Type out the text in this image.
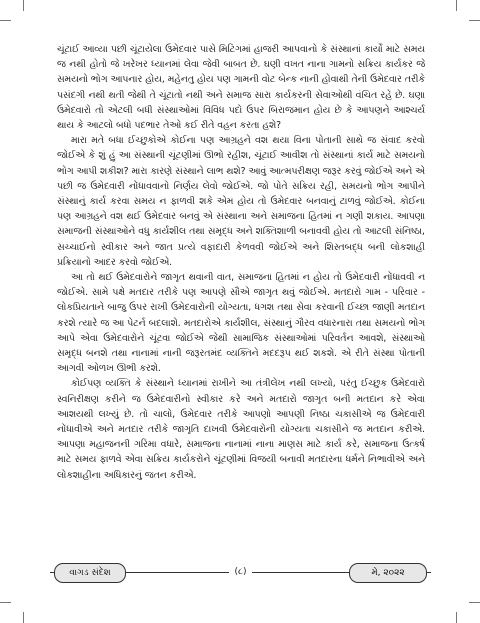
ચૂંટાઈ આવ્યા પછી ચૂંટાયેલા ઉમેદવાર પાસે મિટિંગમાં હાજરી આપવાનો કે સંસ્થાનાં કાર્યો માટે સમય જ નથી હોતો જે ખરેખર ધ્યાનમાં લેવા જેવી બાબત છે. ઘણી વખત નાના ગામનો સક્રિય કાર્યકર જે સમયનો ભોગ આપનાર હોય, મહેનતુ હોય પણ ગામની વોટ બેન્ક નાની હોવાથી તેની ઉમેદવાર તરીકે પસંદગી નથી થતી જેથી તે ચૂંટાતો નથી અને સમાજ સારા કાર્યકરની સેવાઓથી વંચિત રહે છે. ઘણા ઉમેદવારો તો એટલી બધી સંસ્થાઓમાં વિવિધ પદો ઉપર બિરાજમાન હોય છે કે આપણને આશ્ચર્ય થાય કે આટલો બધો પદભાર તેઓ કઈ રીતે વહન કરતા હશે?

મારા મતે બધા ઈચ્છુકોએ કોઈના પણ આગ્રહને વશ થયા વિના પોતાની સાથે જ સંવાદ કરવો જોઈએ કે શું હું આ સંસ્થાની ચૂંટણીમાં ઊભો રહીશ, ચૂંટાઈ આવીશ તો સંસ્થાનાં કાર્ય માટે સમયનો ભોગ આપી શકીશ? મારા કારણે સંસ્થાને લાભ થશે? આવું આત્મપરીક્ષણ જરૂર કરવું જોઈએ અને એ પછી જ ઉમેદવારી નોંધાવવાનો નિર્ણય લેવો જોઈએ. જો પોતે સક્રિય રહી, સમયનો ભોગ આપીને સંસ્થાનું કાર્ય કરવા સમય ન ફાળવી શકે એમ હોય તો ઉમેદવાર બનવાનું ટાળવું જોઈએ. કોઈના પણ આગ્રહને વશ થઈ ઉમેદવાર બનવું એ સંસ્થાના અને સમાજના હિતમાં ન ગણી શકાય. આપણા સમાજની સંસ્થાઓને વધુ કાર્યશીલ તથા સમૃદ્ધ અને શક્તિશાળી બનાવવી હોય તો આટલી સંનિષ્ઠા, સચ્ચાઈનો સ્વીકાર અને જાત પ્રત્યે વફાદારી કેળવવી જોઈએ અને શિસ્તબદ્ધ બની લોકશાહી પ્રક્રિયાનો આદર કરવો જોઈએ.

આ તો થઈ ઉમેદવારોને જાગૃત થવાની વાત, સમાજના હિતમાં ન હોય તો ઉમેદવારી નોંધાવવી ન જોઈએ. સામે પક્ષે મતદાર તરીકે પણ આપણે સૌએ જાગૃત થવું જોઈએ. મતદારો ગામ - પરિવાર - લોકપ્રિયતાને બાજુ ઉપર રાખી ઉમેદવારોની યોગ્યતા, ધગશ તથા સેવા કરવાની ઈચ્છા જાણી મતદાન કરશે ત્યારે જ આ પેટર્ન બદલાશે. મતદારોએ કાર્યશીલ, સંસ્થાનું ગૌરવ વધારનારા તથા સમયનો ભોગ આપે એવા ઉમેદવારોને ચૂંટવા જોઈએ જેથી સામાજિક સંસ્થાઓમાં પરિવર્તન આવશે, સંસ્થાઓ સમૃદ્ધ બનશે તથા નાનામાં નાની જરૂરતમંદ વ્યક્તિને મદદરૂપ થઈ શકશે. એ રીતે સંસ્થા પોતાની આગવી ઓળખ ઊભી કરશે.

કોઈપણ વ્યક્તિ કે સંસ્થાને ધ્યાનમાં રાખીને આ તંત્રીલેખ નથી લખ્યો, પરંતુ ઈચ્છુક ઉમેદવારો સ્વનિરીક્ષણ કરીને જ ઉમેદવારીનો સ્વીકાર કરે અને મતદારો જાગૃત બની મતદાન કરે એવા આશયથી લખ્યું છે. તો ચાલો, ઉમેદવાર તરીકે આપણો આપણી નિષ્ઠા ચકાસીએ જ ઉમેદવારી નોંધાવીએ અને મતદાર તરીકે જાગૃતિ દાખવી ઉમેદવારોની યોગ્યતા ચકાસીને જ મતદાન કરીએ. આપણા મહાજનની ગરિમા વધારે, સમાજના નાનામાં નાના માણસ માટે કાર્ય કરે, સમાજના ઉત્કર્ષ માટે સમય ફાળવે એવા સક્રિય કાર્યકરોને ચૂંટણીમાં વિજયી બનાવી મતદારના ધર્મને નિભાવીએ અને લોકશાહીના અધિકારનું જતન કરીએ.

વાગડ સંદેશ	(૮)	મે, ૨૦૨૨
